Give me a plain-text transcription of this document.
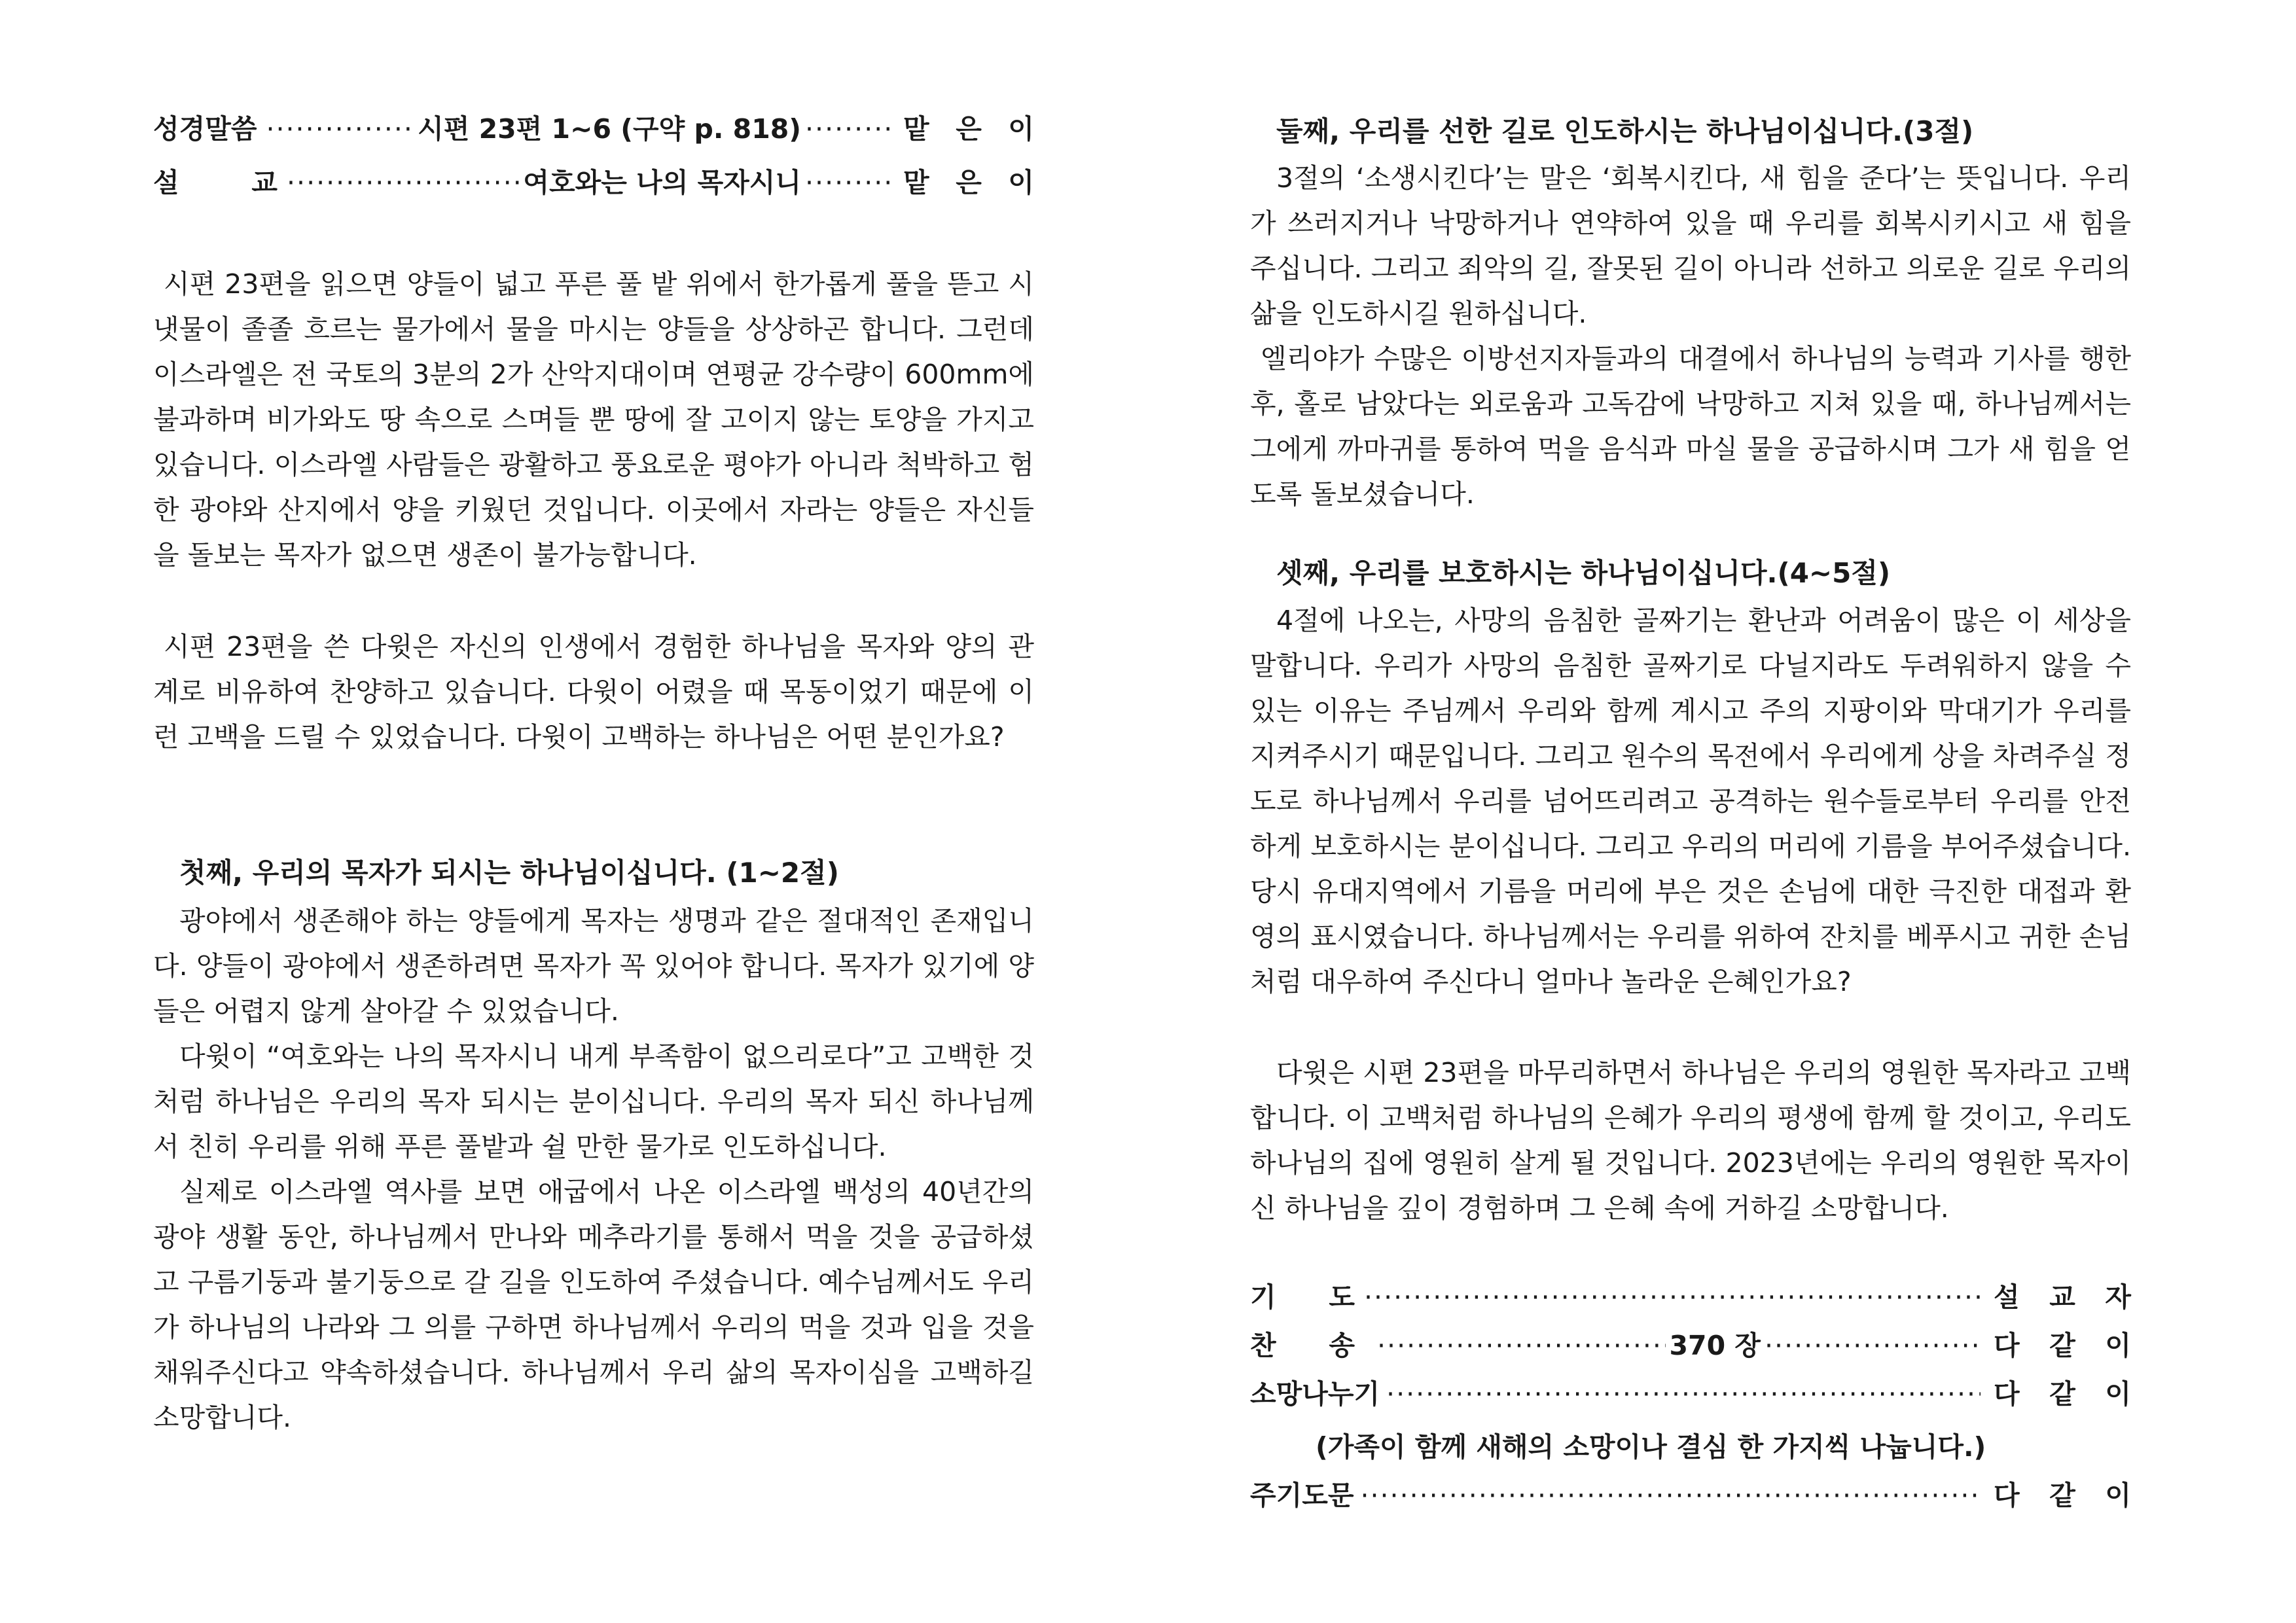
성경말씀 ·····	시편 23편 1~6 (구약 p. 818) ·····	맡 은 이
설	교 ·····	여호와는 나의 목자시니 ·····	맡 은 이

시편 23편을 읽으면 양들이 넓고 푸른 풀 밭 위에서 한가롭게 풀을 뜯고 시냇물이 졸졸 흐르는 물가에서 물을 마시는 양들을 상상하곤 합니다. 그런데 이스라엘은 전 국토의 3분의 2가 산악지대이며 연평균 강수량이 600mm에 불과하며 비가와도 땅 속으로 스며들 뿐 땅에 잘 고이지 않는 토양을 가지고 있습니다. 이스라엘 사람들은 광활하고 풍요로운 평야가 아니라 척박하고 험한 광야와 산지에서 양을 키웠던 것입니다. 이곳에서 자라는 양들은 자신들을 돌보는 목자가 없으면 생존이 불가능합니다.

시편 23편을 쓴 다윗은 자신의 인생에서 경험한 하나님을 목자와 양의 관계로 비유하여 찬양하고 있습니다. 다윗이 어렸을 때 목동이었기 때문에 이런 고백을 드릴 수 있었습니다. 다윗이 고백하는 하나님은 어떤 분인가요?

첫째, 우리의 목자가 되시는 하나님이십니다. (1~2절)

광야에서 생존해야 하는 양들에게 목자는 생명과 같은 절대적인 존재입니다. 양들이 광야에서 생존하려면 목자가 꼭 있어야 합니다. 목자가 있기에 양들은 어렵지 않게 살아갈 수 있었습니다.

다윗이 “여호와는 나의 목자시니 내게 부족함이 없으리로다”고 고백한 것처럼 하나님은 우리의 목자 되시는 분이십니다. 우리의 목자 되신 하나님께서 친히 우리를 위해 푸른 풀밭과 쉴 만한 물가로 인도하십니다.

실제로 이스라엘 역사를 보면 애굽에서 나온 이스라엘 백성의 40년간의 광야 생활 동안, 하나님께서 만나와 메추라기를 통해서 먹을 것을 공급하셨고 구름기둥과 불기둥으로 갈 길을 인도하여 주셨습니다. 예수님께서도 우리가 하나님의 나라와 그 의를 구하면 하나님께서 우리의 먹을 것과 입을 것을 채워주신다고 약속하셨습니다. 하나님께서 우리 삶의 목자이심을 고백하길 소망합니다.

둘째, 우리를 선한 길로 인도하시는 하나님이십니다.(3절)

3절의 ‘소생시킨다’는 말은 ‘회복시킨다, 새 힘을 준다’는 뜻입니다. 우리가 쓰러지거나 낙망하거나 연약하여 있을 때 우리를 회복시키시고 새 힘을 주십니다. 그리고 죄악의 길, 잘못된 길이 아니라 선하고 의로운 길로 우리의 삶을 인도하시길 원하십니다.

엘리야가 수많은 이방선지자들과의 대결에서 하나님의 능력과 기사를 행한 후, 홀로 남았다는 외로움과 고독감에 낙망하고 지쳐 있을 때, 하나님께서는 그에게 까마귀를 통하여 먹을 음식과 마실 물을 공급하시며 그가 새 힘을 얻도록 돌보셨습니다.

셋째, 우리를 보호하시는 하나님이십니다.(4~5절)

4절에 나오는, 사망의 음침한 골짜기는 환난과 어려움이 많은 이 세상을 말합니다. 우리가 사망의 음침한 골짜기로 다닐지라도 두려워하지 않을 수 있는 이유는 주님께서 우리와 함께 계시고 주의 지팡이와 막대기가 우리를 지켜주시기 때문입니다. 그리고 원수의 목전에서 우리에게 상을 차려주실 정도로 하나님께서 우리를 넘어뜨리려고 공격하는 원수들로부터 우리를 안전하게 보호하시는 분이십니다. 그리고 우리의 머리에 기름을 부어주셨습니다. 당시 유대지역에서 기름을 머리에 부은 것은 손님에 대한 극진한 대접과 환영의 표시였습니다. 하나님께서는 우리를 위하여 잔치를 베푸시고 귀한 손님처럼 대우하여 주신다니 얼마나 놀라운 은혜인가요?

다윗은 시편 23편을 마무리하면서 하나님은 우리의 영원한 목자라고 고백합니다. 이 고백처럼 하나님의 은혜가 우리의 평생에 함께 할 것이고, 우리도 하나님의 집에 영원히 살게 될 것입니다. 2023년에는 우리의 영원한 목자이신 하나님을 깊이 경험하며 그 은혜 속에 거하길 소망합니다.

기 도 ·····	설 교 자
찬 송 ·····	370 장 ·····	다 같 이
소망나누기 ·····	다 같 이

(가족이 함께 새해의 소망이나 결심 한 가지씩 나눕니다.)

주기도문 ·····	다 같 이
